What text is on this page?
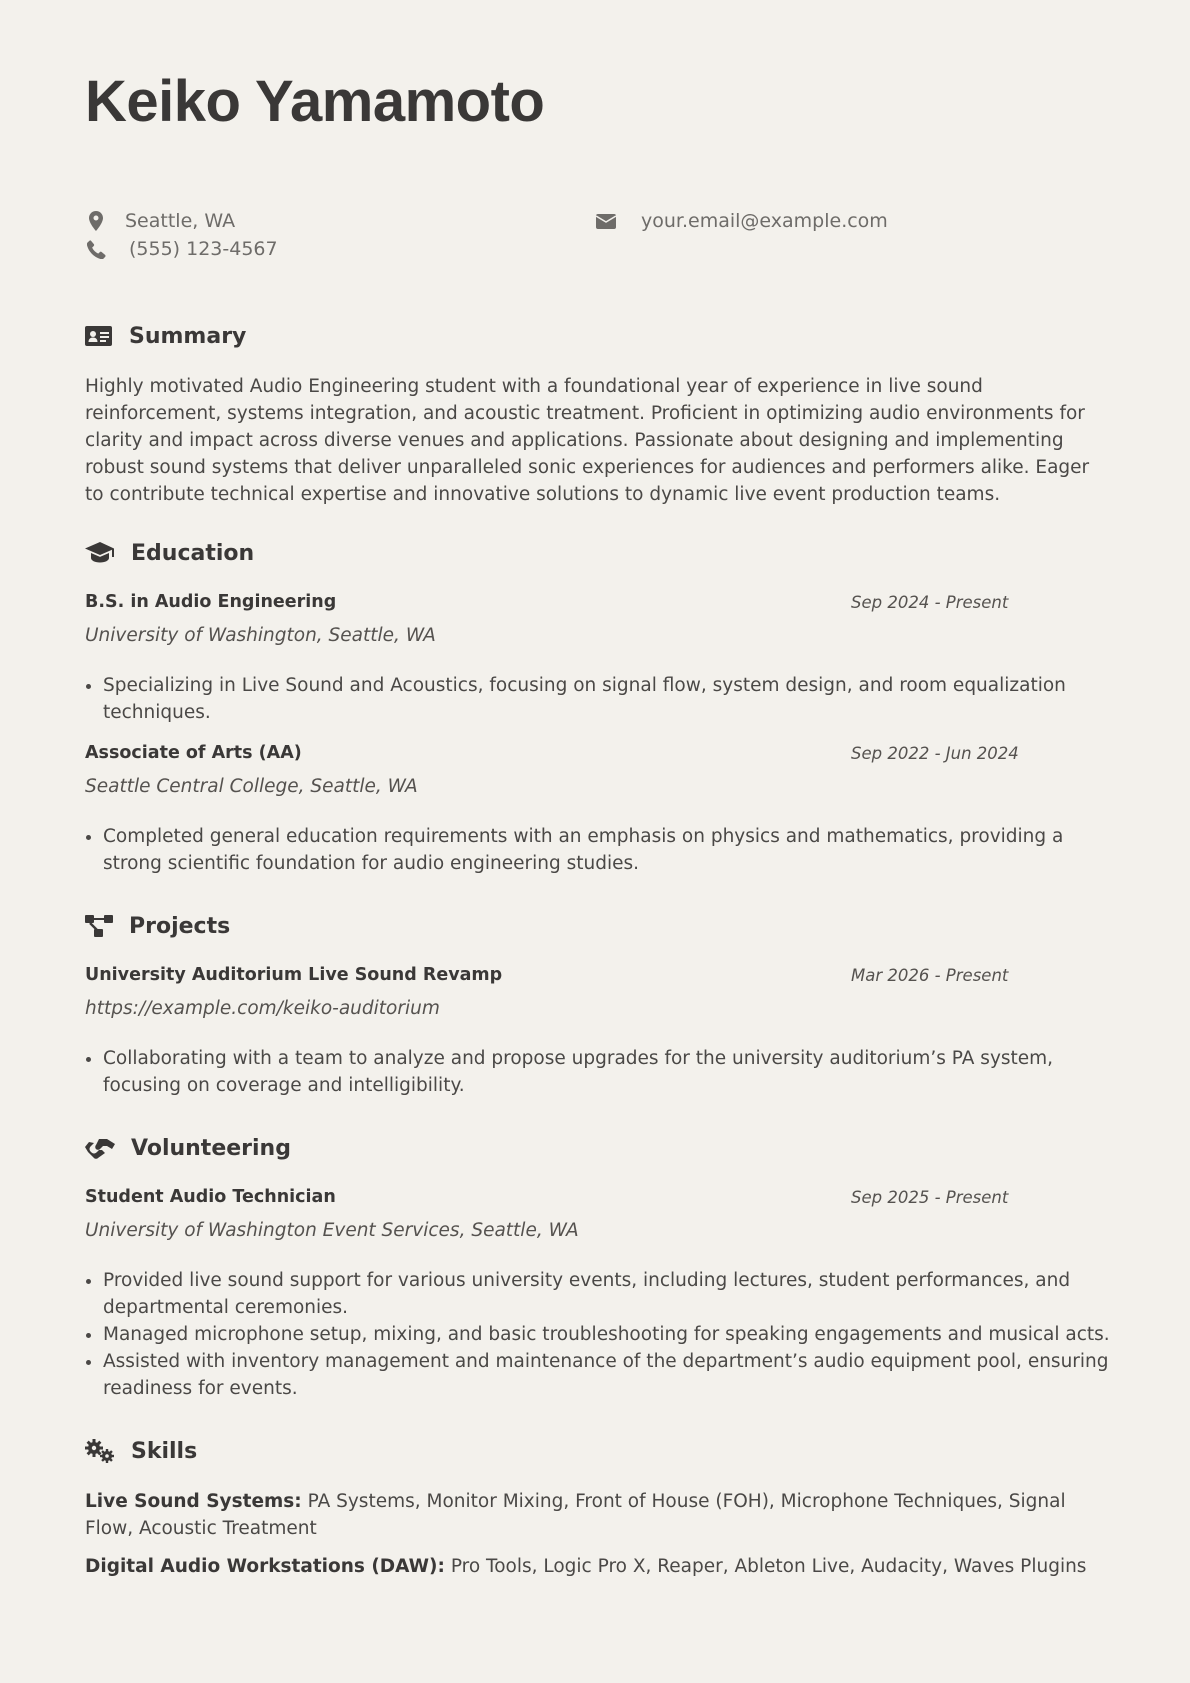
Keiko Yamamoto
Seattle, WA	your.email@example.com
(555) 123-4567
Summary

Highly motivated Audio Engineering student with a foundational year of experience in live sound reinforcement, systems integration, and acoustic treatment. Proficient in optimizing audio environments for clarity and impact across diverse venues and applications. Passionate about designing and implementing robust sound systems that deliver unparalleled sonic experiences for audiences and performers alike. Eager to contribute technical expertise and innovative solutions to dynamic live event production teams.

Education
B.S. in Audio Engineering	Sep 2024 - Present
University of Washington, Seattle, WA
• Specializing in Live Sound and Acoustics, focusing on signal flow, system design, and room equalization techniques.
Associate of Arts (AA)	Sep 2022 - Jun 2024
Seattle Central College, Seattle, WA
• Completed general education requirements with an emphasis on physics and mathematics, providing a strong scientific foundation for audio engineering studies.
Projects
University Auditorium Live Sound Revamp	Mar 2026 - Present
https://example.com/keiko-auditorium
• Collaborating with a team to analyze and propose upgrades for the university auditorium’s PA system, focusing on coverage and intelligibility.
Volunteering
Student Audio Technician	Sep 2025 - Present
University of Washington Event Services, Seattle, WA
• Provided live sound support for various university events, including lectures, student performances, and departmental ceremonies.
• Managed microphone setup, mixing, and basic troubleshooting for speaking engagements and musical acts.
• Assisted with inventory management and maintenance of the department’s audio equipment pool, ensuring readiness for events.
Skills

Live Sound Systems: PA Systems, Monitor Mixing, Front of House (FOH), Microphone Techniques, Signal Flow, Acoustic Treatment

Digital Audio Workstations (DAW): Pro Tools, Logic Pro X, Reaper, Ableton Live, Audacity, Waves Plugins
